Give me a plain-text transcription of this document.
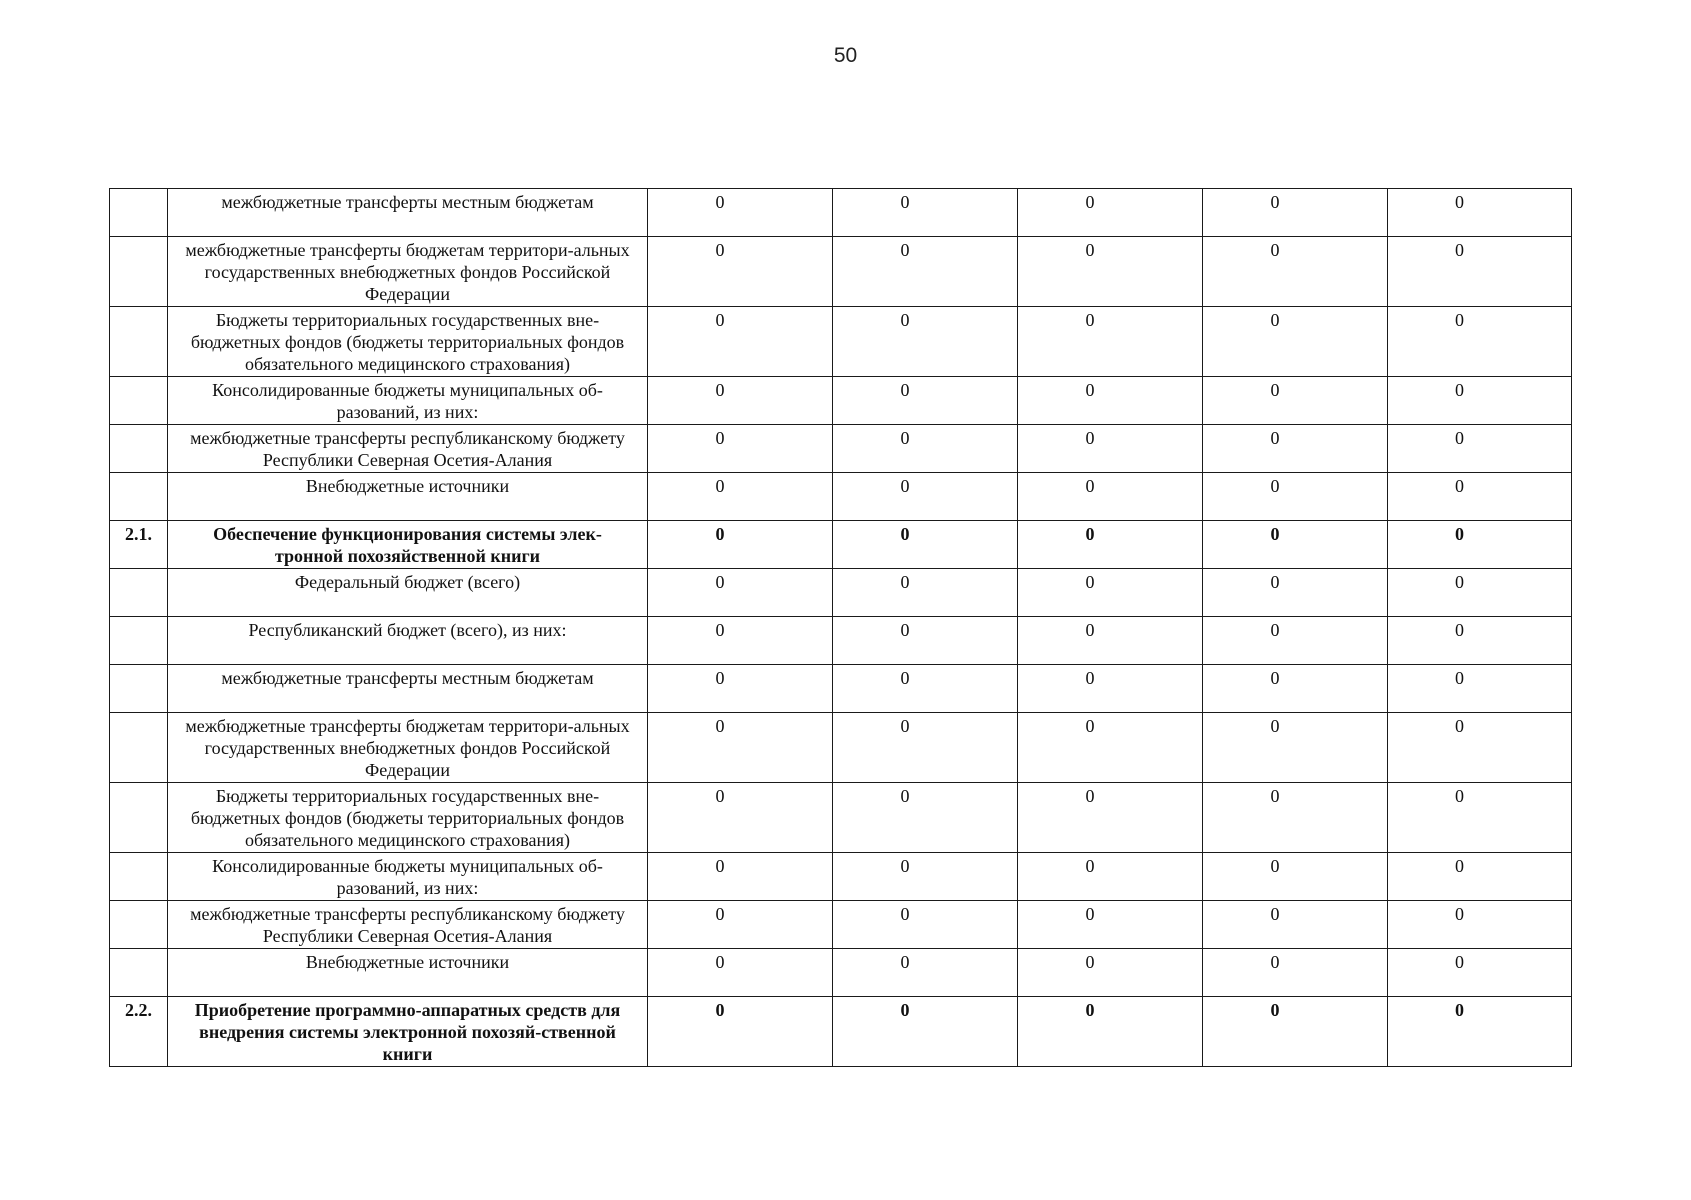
50
	межбюджетные трансферты местным бюджетам	0	0	0	0	0
	межбюджетные трансферты бюджетам территори-альных государственных внебюджетных фондов Российской Федерации	0	0	0	0	0
	Бюджеты территориальных государственных вне-бюджетных фондов (бюджеты территориальных фондов обязательного медицинского страхования)	0	0	0	0	0
	Консолидированные бюджеты муниципальных об-разований, из них:	0	0	0	0	0
	межбюджетные трансферты республиканскому бюджету Республики Северная Осетия-Алания	0	0	0	0	0
	Внебюджетные источники	0	0	0	0	0
2.1.	Обеспечение функционирования системы элек-тронной похозяйственной книги	0	0	0	0	0
	Федеральный бюджет (всего)	0	0	0	0	0
	Республиканский бюджет (всего), из них:	0	0	0	0	0
	межбюджетные трансферты местным бюджетам	0	0	0	0	0
	межбюджетные трансферты бюджетам территори-альных государственных внебюджетных фондов Российской Федерации	0	0	0	0	0
	Бюджеты территориальных государственных вне-бюджетных фондов (бюджеты территориальных фондов обязательного медицинского страхования)	0	0	0	0	0
	Консолидированные бюджеты муниципальных об-разований, из них:	0	0	0	0	0
	межбюджетные трансферты республиканскому бюджету Республики Северная Осетия-Алания	0	0	0	0	0
	Внебюджетные источники	0	0	0	0	0
2.2.	Приобретение программно-аппаратных средств для внедрения системы электронной похозяй-ственной книги	0	0	0	0	0
